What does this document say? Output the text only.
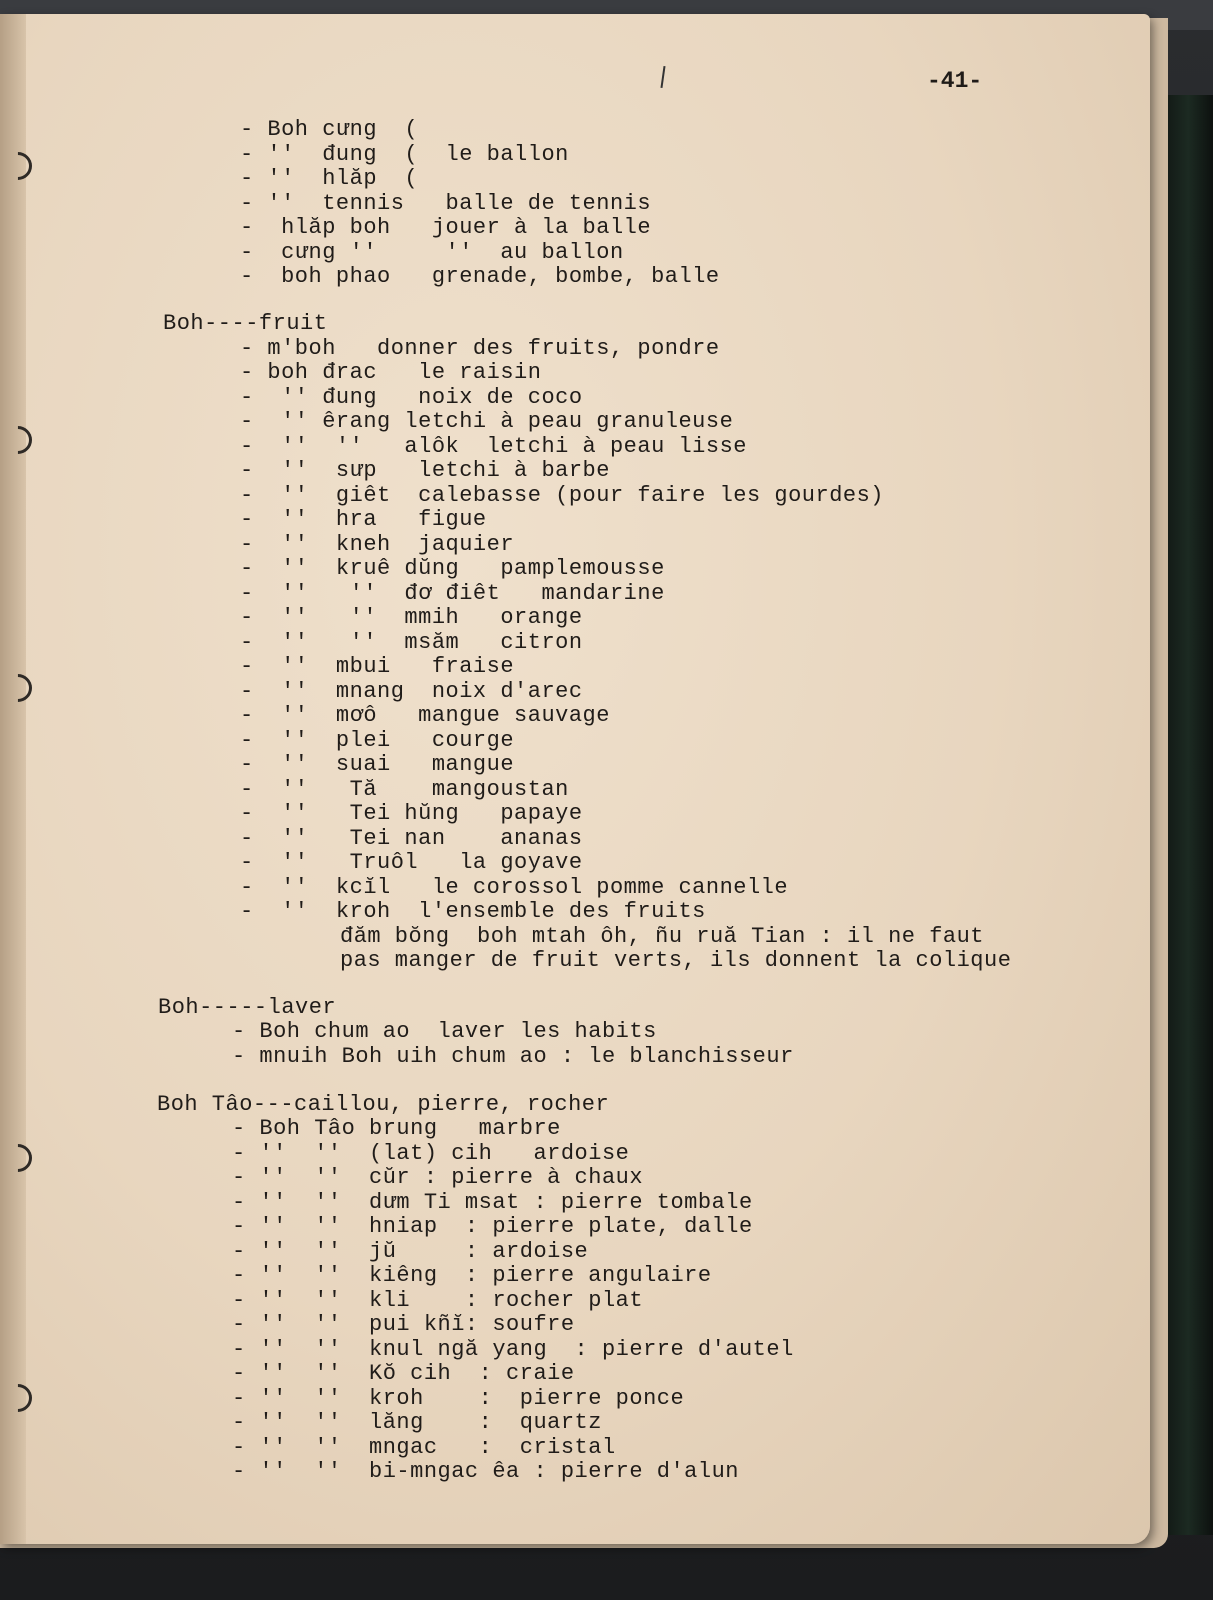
-41-
- Boh cưng  (
- ''  đung  (  le ballon
- ''  hlăp  (
- ''  tennis   balle de tennis
-  hlăp boh   jouer à la balle
-  cưng ''     ''  au ballon
-  boh phao   grenade, bombe, balle
Boh----fruit
- m'boh   donner des fruits, pondre
- boh đrac   le raisin
-  '' đung   noix de coco
-  '' êrang letchi à peau granuleuse
-  ''  ''   alôk  letchi à peau lisse
-  ''  sưp   letchi à barbe
-  ''  giêt  calebasse (pour faire les gourdes)
-  ''  hra   figue
-  ''  kneh  jaquier
-  ''  kruê dŭng   pamplemousse
-  ''   ''  đơ điêt   mandarine
-  ''   ''  mmih   orange
-  ''   ''  msăm   citron
-  ''  mbui   fraise
-  ''  mnang  noix d'arec
-  ''  mơô   mangue sauvage
-  ''  plei   courge
-  ''  suai   mangue
-  ''   Tă    mangoustan
-  ''   Tei hŭng   papaye
-  ''   Tei nan    ananas
-  ''   Truôl   la goyave
-  ''  kcĭl   le corossol pomme cannelle
-  ''  kroh  l'ensemble des fruits
đăm bŏng  boh mtah ôh, ñu ruă Tian : il ne faut
pas manger de fruit verts, ils donnent la colique
Boh-----laver
- Boh chum ao  laver les habits
- mnuih Boh uih chum ao : le blanchisseur
Boh Tâo---caillou, pierre, rocher
- Boh Tâo brung   marbre
- ''  ''  (lat) cih   ardoise
- ''  ''  cŭr : pierre à chaux
- ''  ''  dưm Ti msat : pierre tombale
- ''  ''  hniap  : pierre plate, dalle
- ''  ''  jŭ     : ardoise
- ''  ''  kiêng  : pierre angulaire
- ''  ''  kli    : rocher plat
- ''  ''  pui kñĭ: soufre
- ''  ''  knul ngă yang  : pierre d'autel
- ''  ''  Kŏ cih  : craie
- ''  ''  kroh    :  pierre ponce
- ''  ''  lăng    :  quartz
- ''  ''  mngac   :  cristal
- ''  ''  bi-mngac êa : pierre d'alun
